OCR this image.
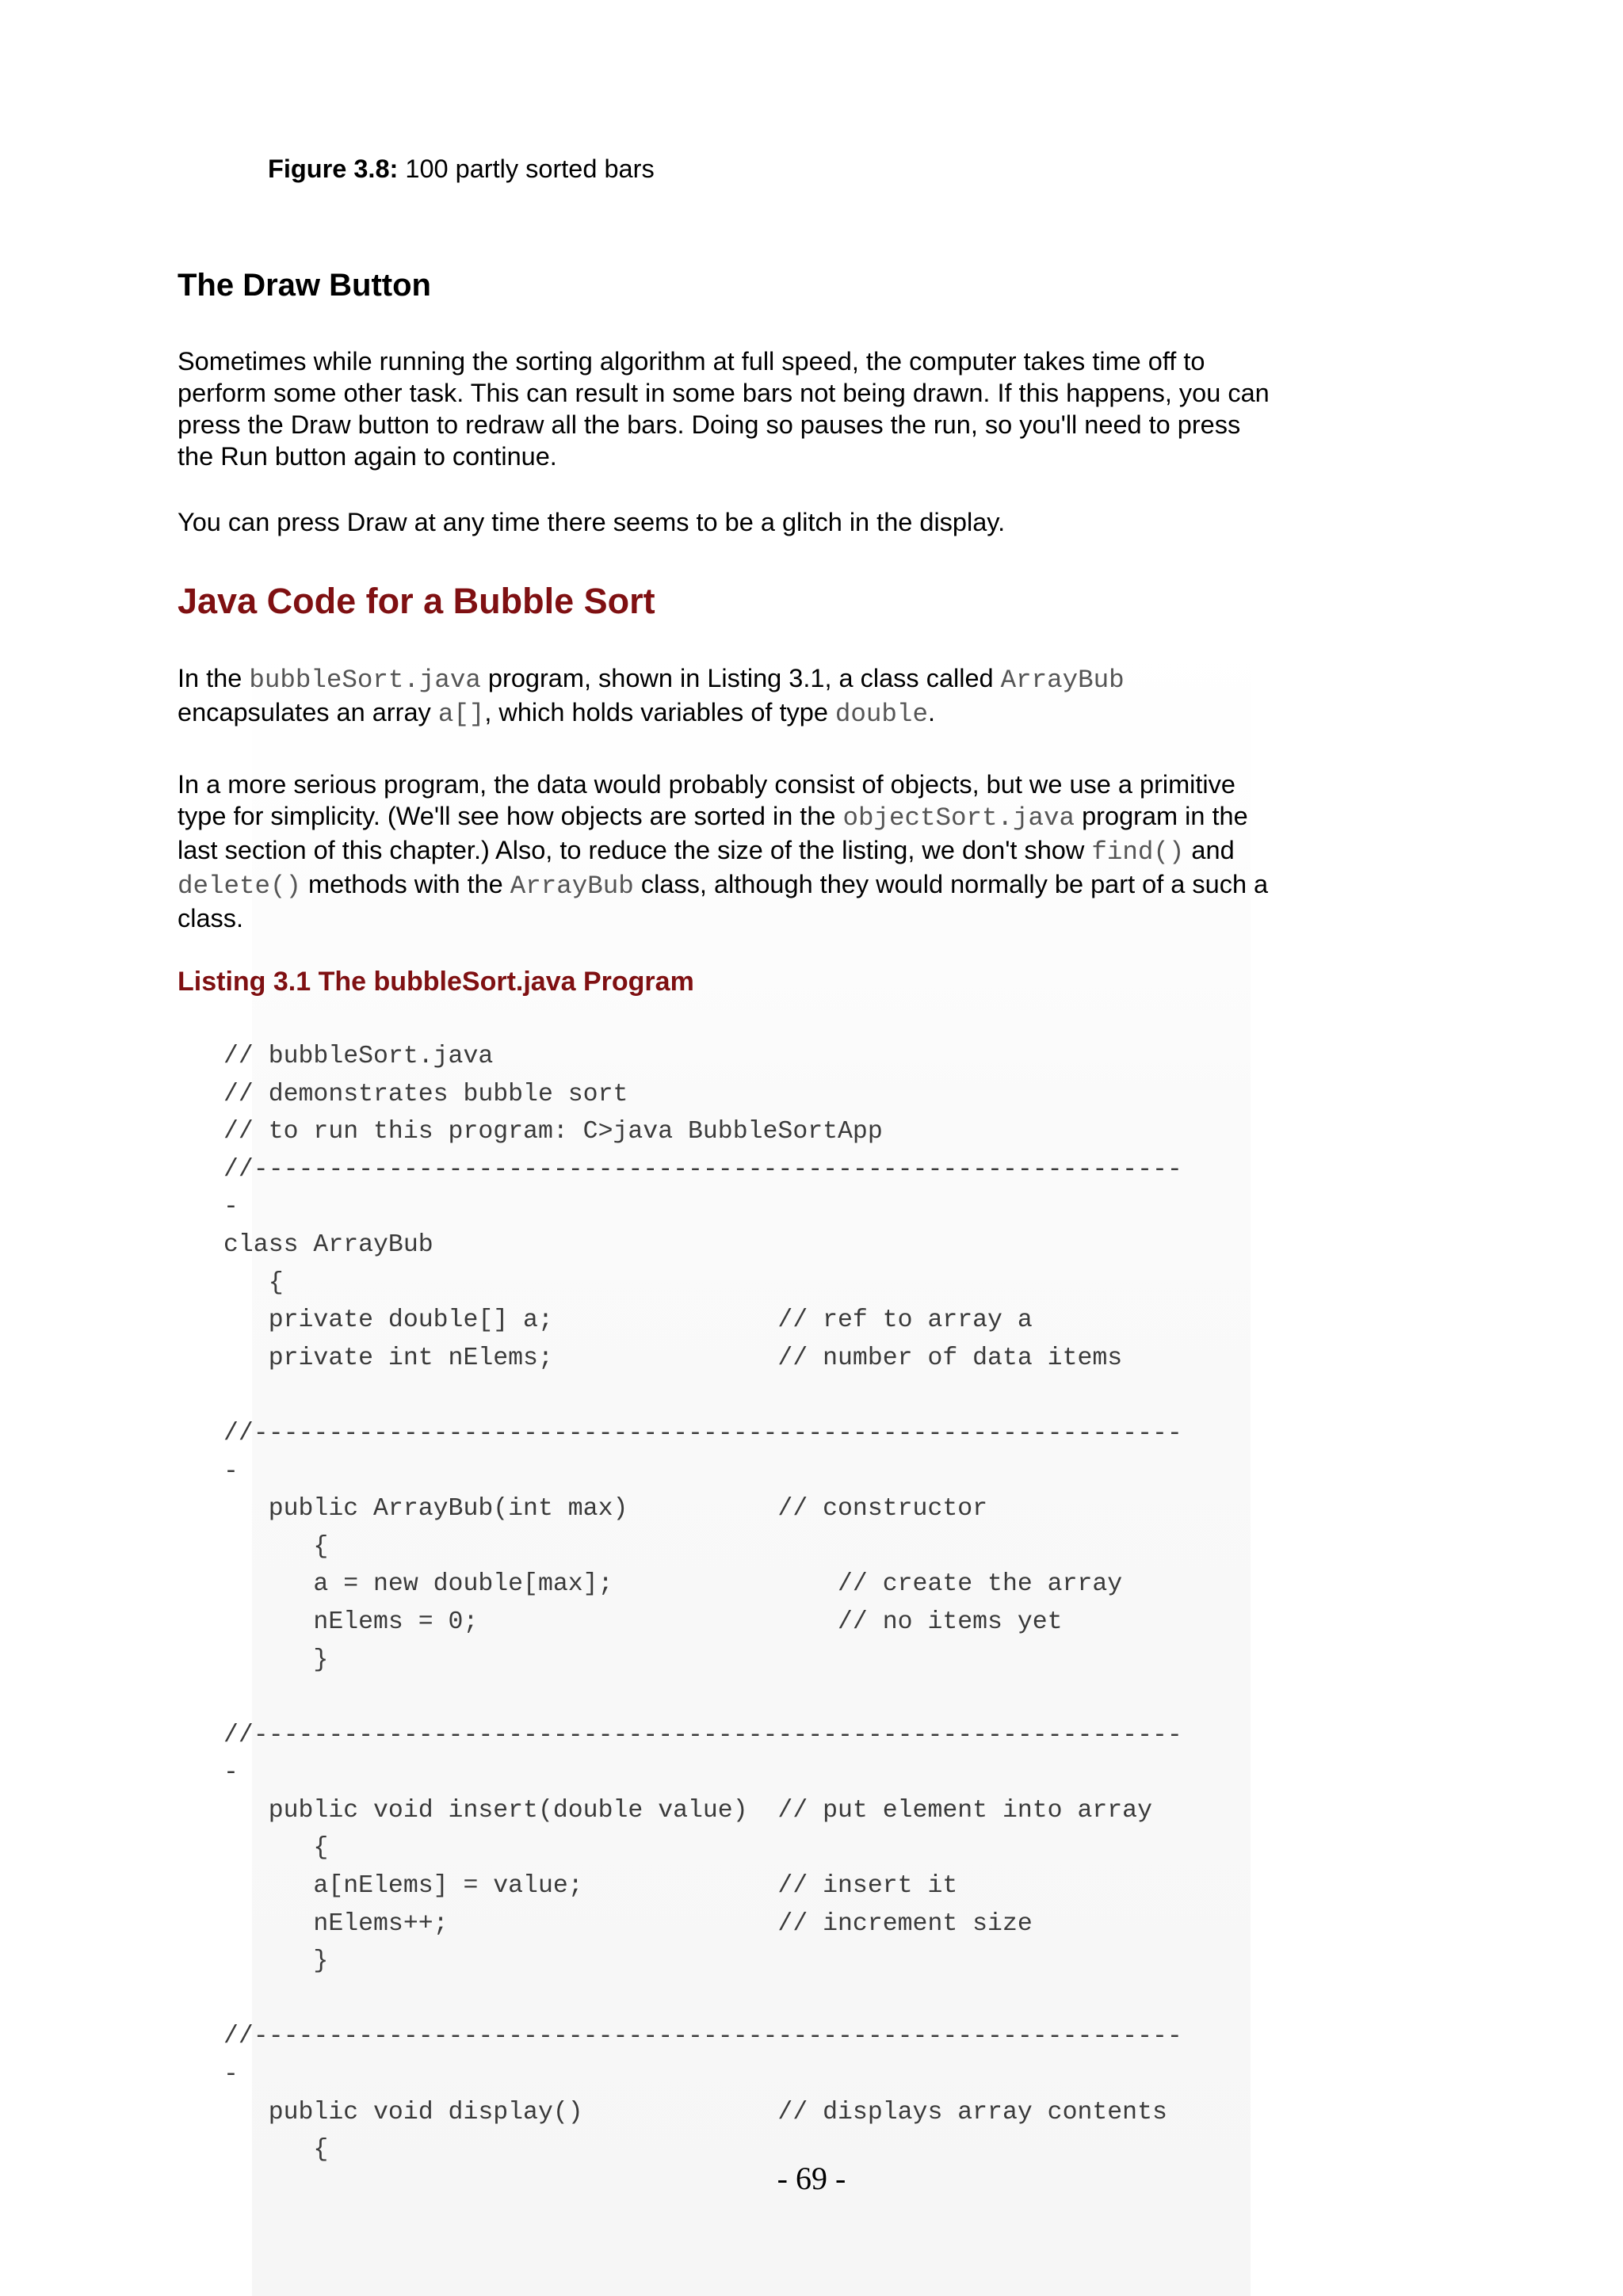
Figure 3.8: 100 partly sorted bars
The Draw Button
Sometimes while running the sorting algorithm at full speed, the computer takes time off to perform some other task. This can result in some bars not being drawn. If this happens, you can press the Draw button to redraw all the bars. Doing so pauses the run, so you'll need to press the Run button again to continue.
You can press Draw at any time there seems to be a glitch in the display.
Java Code for a Bubble Sort
In the bubbleSort.java program, shown in Listing 3.1, a class called ArrayBub encapsulates an array a[], which holds variables of type double.
In a more serious program, the data would probably consist of objects, but we use a primitive type for simplicity. (We'll see how objects are sorted in the objectSort.java program in the last section of this chapter.) Also, to reduce the size of the listing, we don't show find() and delete() methods with the ArrayBub class, although they would normally be part of a such a class.
Listing 3.1 The bubbleSort.java Program
// bubbleSort.java
// demonstrates bubble sort
// to run this program: C>java BubbleSortApp
//--------------------------------------------------------------
-
class ArrayBub
{
private double[] a;               // ref to array a
private int nElems;               // number of data items

//--------------------------------------------------------------
-
public ArrayBub(int max)          // constructor
{
a = new double[max];               // create the array
nElems = 0;                        // no items yet
}

//--------------------------------------------------------------
-
public void insert(double value)  // put element into array
{
a[nElems] = value;             // insert it
nElems++;                      // increment size
}

//--------------------------------------------------------------
-
public void display()             // displays array contents
{
- 69 -
